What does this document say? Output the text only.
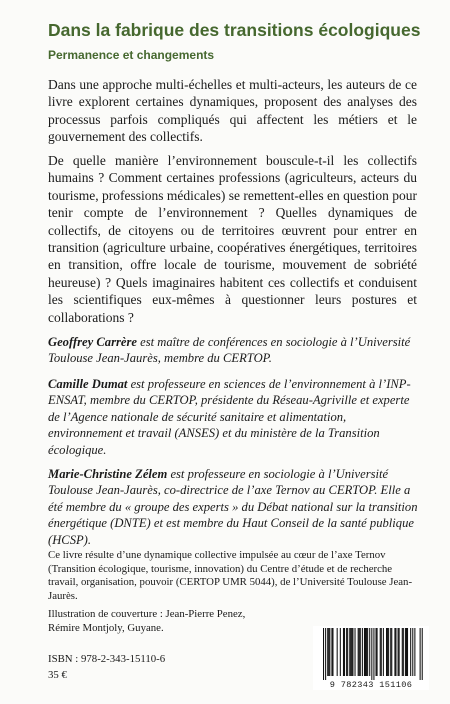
Dans la fabrique des transitions écologiques
Permanence et changements

Dans une approche multi-échelles et multi-acteurs, les auteurs de ce livre explorent certaines dynamiques, proposent des analyses des processus parfois compliqués qui affectent les métiers et le gouvernement des collectifs.

De quelle manière l’environnement bouscule-t-il les collectifs humains ? Comment certaines professions (agriculteurs, acteurs du tourisme, professions médicales) se remettent-elles en question pour tenir compte de l’environnement ? Quelles dynamiques de collectifs, de citoyens ou de territoires œuvrent pour entrer en transition (agriculture urbaine, coopératives énergétiques, territoires en transition, offre locale de tourisme, mouvement de sobriété heureuse) ? Quels imaginaires habitent ces collectifs et conduisent les scientifiques eux-mêmes à questionner leurs postures et collaborations ?

Geoffrey Carrère est maître de conférences en sociologie à l’Université Toulouse Jean-Jaurès, membre du CERTOP.

Camille Dumat est professeure en sciences de l’environnement à l’INP-ENSAT, membre du CERTOP, présidente du Réseau-Agriville et experte de l’Agence nationale de sécurité sanitaire et alimentation, environnement et travail (ANSES) et du ministère de la Transition écologique.

Marie-Christine Zélem est professeure en sociologie à l’Université Toulouse Jean-Jaurès, co-directrice de l’axe Ternov au CERTOP. Elle a été membre du « groupe des experts » du Débat national sur la transition énergétique (DNTE) et est membre du Haut Conseil de la santé publique (HCSP).

Ce livre résulte d’une dynamique collective impulsée au cœur de l’axe Ternov (Transition écologique, tourisme, innovation) du Centre d’étude et de recherche travail, organisation, pouvoir (CERTOP UMR 5044), de l’Université Toulouse Jean-Jaurès.

Illustration de couverture : Jean-Pierre Penez, Rémire Montjoly, Guyane.

ISBN : 978-2-343-15110-6
35 €
9 782343 151106
